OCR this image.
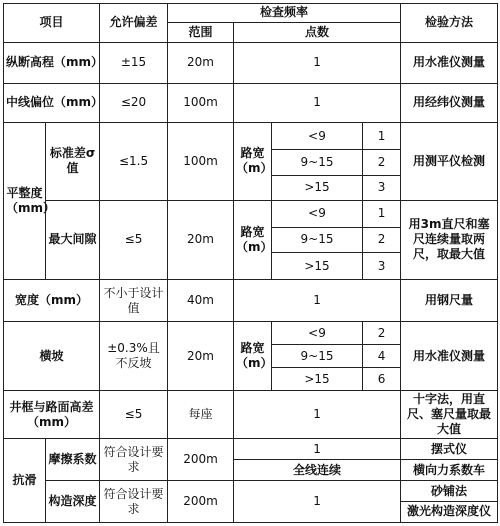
项目		允许偏差	检查频率				检验方法
			范围	点数			
纵断高程（mm）		±15	20m	1			用水准仪测量
中线偏位（mm）		≤20	100m	1			用经纬仪测量
平整度（mm）	标准差σ值	≤1.5	100m	路宽（m）	<9	1	用测平仪检测
					9~15	2	
					>15	3	
	最大间隙	≤5	20m	路宽（m）	<9	1	用3m直尺和塞尺连续量取两尺，取最大值
					9~15	2	
					>15	3	
宽度（mm）		不小于设计值	40m	1			用钢尺量
横坡		±0.3%且不反坡	20m	路宽（m）	<9	2	用水准仪测量
					9~15	4	
					>15	6	
井框与路面高差（mm）		≤5	每座	1			十字法，用直尺、塞尺量取最大值
抗滑	摩擦系数	符合设计要求	200m	1			摆式仪
				全线连续			横向力系数车
	构造深度	符合设计要求	200m	1			砂铺法
							激光构造深度仪
